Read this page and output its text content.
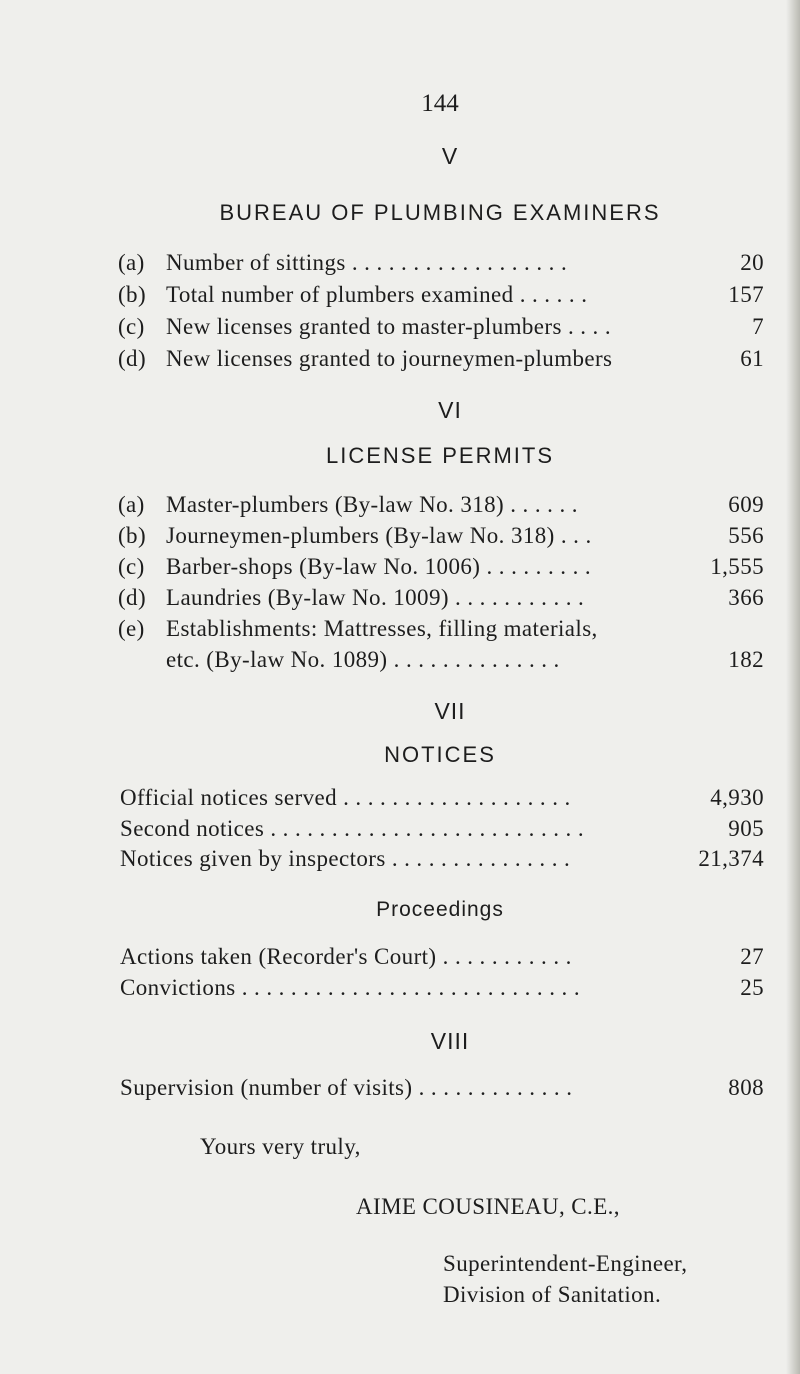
144
V
BUREAU OF PLUMBING EXAMINERS
(a) Number of sittings . . . . . . . . . . . . . . . . . .	20
(b) Total number of plumbers examined . . . . . .	157
(c) New licenses granted to master-plumbers . . . .	7
(d) New licenses granted to journeymen-plumbers	61
VI
LICENSE PERMITS
(a) Master-plumbers (By-law No. 318) . . . . . .	609
(b) Journeymen-plumbers (By-law No. 318) . . .	556
(c) Barber-shops (By-law No. 1006) . . . . . . . . .	1,555
(d) Laundries (By-law No. 1009) . . . . . . . . . . .	366
(e) Establishments: Mattresses, filling materials,
etc. (By-law No. 1089) . . . . . . . . . . . . . .	182
VII
NOTICES
Official notices served . . . . . . . . . . . . . . . . . . .	4,930
Second notices . . . . . . . . . . . . . . . . . . . . . . . . . .	905
Notices given by inspectors . . . . . . . . . . . . . . .	21,374
Proceedings
Actions taken (Recorder's Court) . . . . . . . . . . .	27
Convictions . . . . . . . . . . . . . . . . . . . . . . . . . . . .	25
VIII
Supervision (number of visits) . . . . . . . . . . . . .	808
Yours very truly,
AIME COUSINEAU, C.E.,
Superintendent-Engineer,
Division of Sanitation.
